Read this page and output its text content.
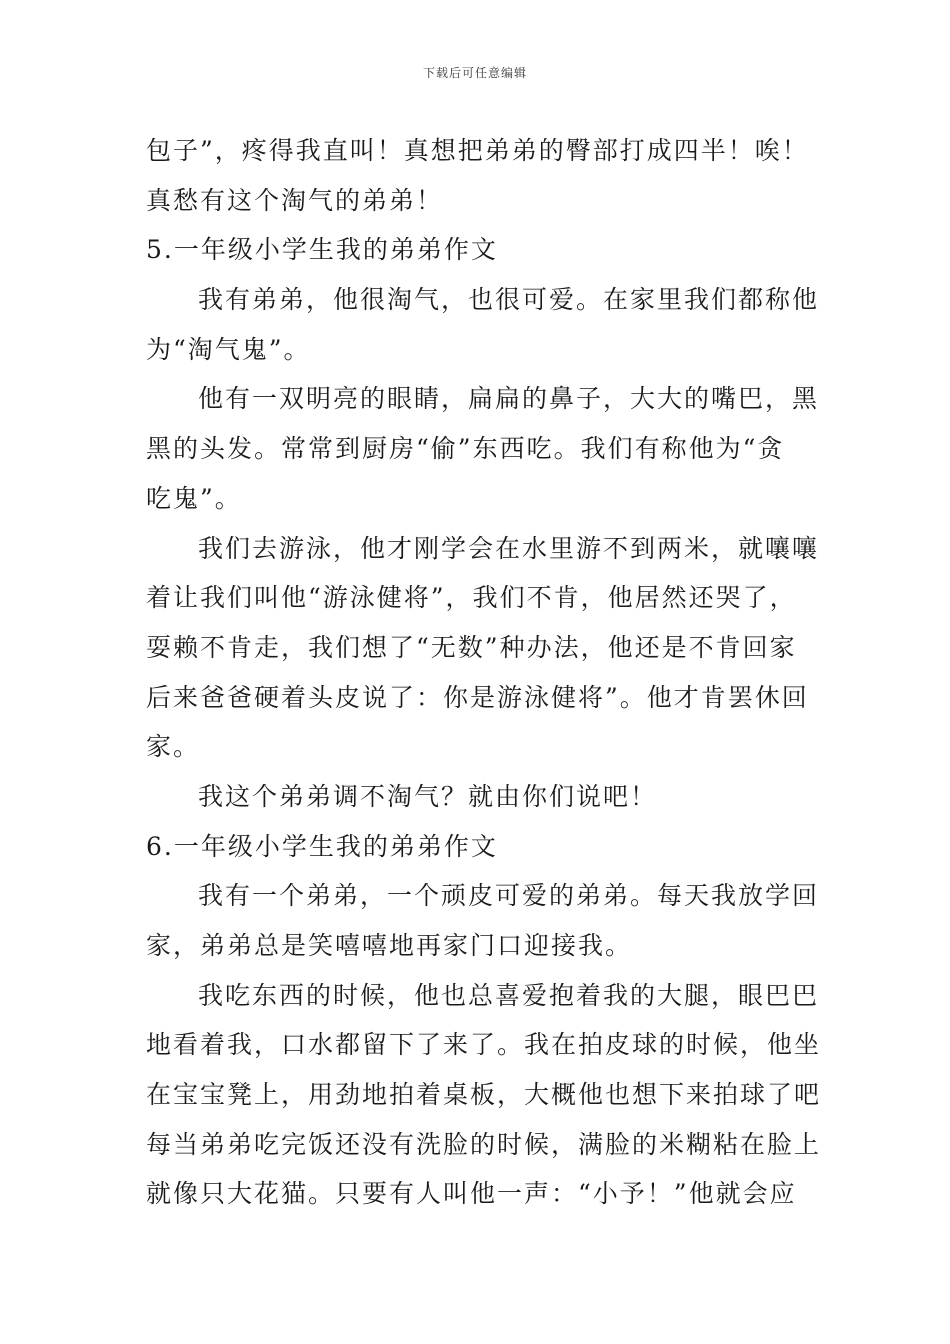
下载后可任意编辑
包子”，疼得我直叫！真想把弟弟的臀部打成四半！唉！
真愁有这个淘气的弟弟！
5.一年级小学生我的弟弟作文
我有弟弟，他很淘气，也很可爱。在家里我们都称他
为“淘气鬼”。
他有一双明亮的眼睛，扁扁的鼻子，大大的嘴巴，黑
黑的头发。常常到厨房“偷”东西吃。我们有称他为“贪
吃鬼”。
我们去游泳，他才刚学会在水里游不到两米，就嚷嚷
着让我们叫他“游泳健将”，我们不肯，他居然还哭了，
耍赖不肯走，我们想了“无数”种办法，他还是不肯回家
后来爸爸硬着头皮说了：你是游泳健将”。他才肯罢休回
家。
我这个弟弟调不淘气？就由你们说吧！
6.一年级小学生我的弟弟作文
我有一个弟弟，一个顽皮可爱的弟弟。每天我放学回
家，弟弟总是笑嘻嘻地再家门口迎接我。
我吃东西的时候，他也总喜爱抱着我的大腿，眼巴巴
地看着我，口水都留下了来了。我在拍皮球的时候，他坐
在宝宝凳上，用劲地拍着桌板，大概他也想下来拍球了吧
每当弟弟吃完饭还没有洗脸的时候，满脸的米糊粘在脸上
就像只大花猫。只要有人叫他一声：“小予！”他就会应
